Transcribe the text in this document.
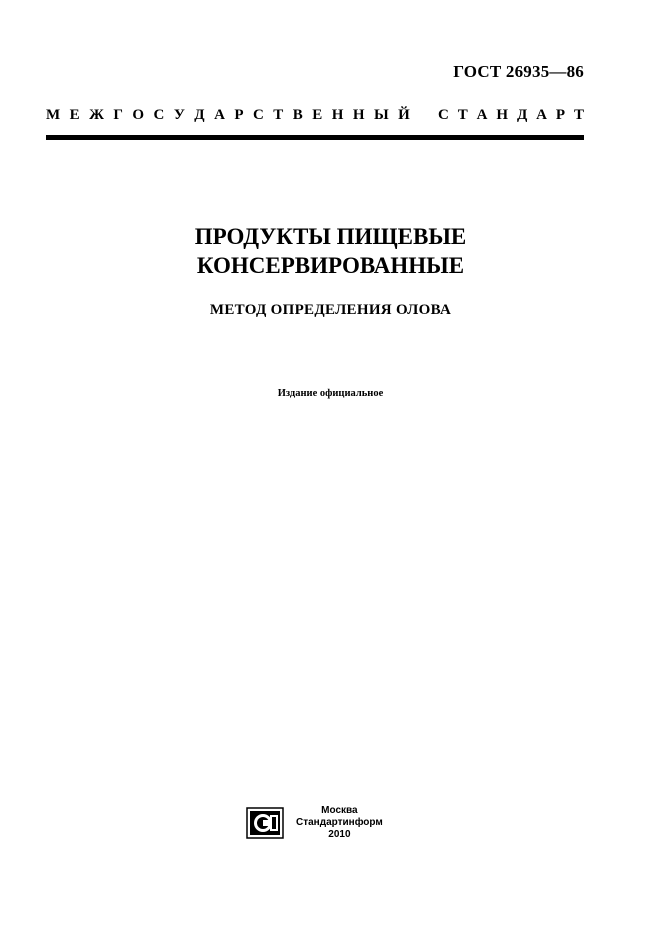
ГОСТ 26935—86
М Е Ж Г О С У Д А Р С Т В Е Н Н Ы Й С Т А Н Д А Р Т
ПРОДУКТЫ ПИЩЕВЫЕ
КОНСЕРВИРОВАННЫЕ
МЕТОД ОПРЕДЕЛЕНИЯ ОЛОВА
Издание официальное
Москва
Стандартинформ
2010
